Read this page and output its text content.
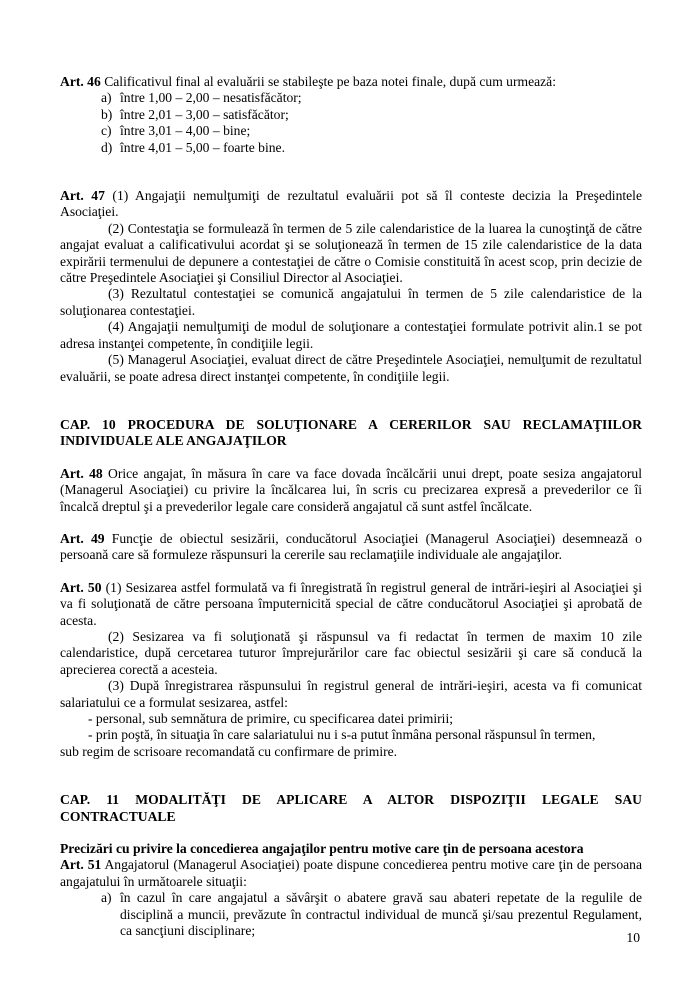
Art. 46 Calificativul final al evaluării se stabileşte pe baza notei finale, după cum urmează:

a) între 1,00 – 2,00 – nesatisfăcător;
b) între 2,01 – 3,00 – satisfăcător;
c) între 3,01 – 4,00 – bine;
d) între 4,01 – 5,00 – foarte bine.

Art. 47 (1) Angajaţii nemulţumiţi de rezultatul evaluării pot să îl conteste decizia la Preşedintele Asociaţiei.

(2) Contestaţia se formulează în termen de 5 zile calendaristice de la luarea la cunoştinţă de către angajat evaluat a calificativului acordat şi se soluţionează în termen de 15 zile calendaristice de la data expirării termenului de depunere a contestaţiei de către o Comisie constituită în acest scop, prin decizie de către Preşedintele Asociaţiei şi Consiliul Director al Asociaţiei.

(3) Rezultatul contestaţiei se comunică angajatului în termen de 5 zile calendaristice de la soluţionarea contestaţiei.

(4) Angajaţii nemulţumiţi de modul de soluţionare a contestaţiei formulate potrivit alin.1 se pot adresa instanţei competente, în condiţiile legii.

(5) Managerul Asociaţiei, evaluat direct de către Preşedintele Asociaţiei, nemulţumit de rezultatul evaluării, se poate adresa direct instanţei competente, în condiţiile legii.

CAP. 10 PROCEDURA DE SOLUŢIONARE A CERERILOR SAU RECLAMAŢIILOR INDIVIDUALE ALE ANGAJAŢILOR

Art. 48 Orice angajat, în măsura în care va face dovada încălcării unui drept, poate sesiza angajatorul (Managerul Asociaţiei) cu privire la încălcarea lui, în scris cu precizarea expresă a prevederilor ce îi încalcă dreptul şi a prevederilor legale care consideră angajatul că sunt astfel încălcate.

Art. 49 Funcţie de obiectul sesizării, conducătorul Asociaţiei (Managerul Asociaţiei) desemnează o persoană care să formuleze răspunsuri la cererile sau reclamaţiile individuale ale angajaţilor.

Art. 50 (1) Sesizarea astfel formulată va fi înregistrată în registrul general de intrări-ieşiri al Asociaţiei şi va fi soluţionată de către persoana împuternicită special de către conducătorul Asociaţiei şi aprobată de acesta.

(2) Sesizarea va fi soluţionată şi răspunsul va fi redactat în termen de maxim 10 zile calendaristice, după cercetarea tuturor împrejurărilor care fac obiectul sesizării şi care să conducă la aprecierea corectă a acesteia.

(3) După înregistrarea răspunsului în registrul general de intrări-ieşiri, acesta va fi comunicat salariatului ce a formulat sesizarea, astfel:

- personal, sub semnătura de primire, cu specificarea datei primirii;

- prin poştă, în situaţia în care salariatului nu i s-a putut înmâna personal răspunsul în termen,

sub regim de scrisoare recomandată cu confirmare de primire.

CAP. 11 MODALITĂŢI DE APLICARE A ALTOR DISPOZIŢII LEGALE SAU CONTRACTUALE

Precizări cu privire la concedierea angajaţilor pentru motive care ţin de persoana acestora

Art. 51 Angajatorul (Managerul Asociaţiei) poate dispune concedierea pentru motive care ţin de persoana angajatului în următoarele situaţii:

a) în cazul în care angajatul a săvârşit o abatere gravă sau abateri repetate de la regulile de disciplină a muncii, prevăzute în contractul individual de muncă şi/sau prezentul Regulament, ca sancţiuni disciplinare;	10
